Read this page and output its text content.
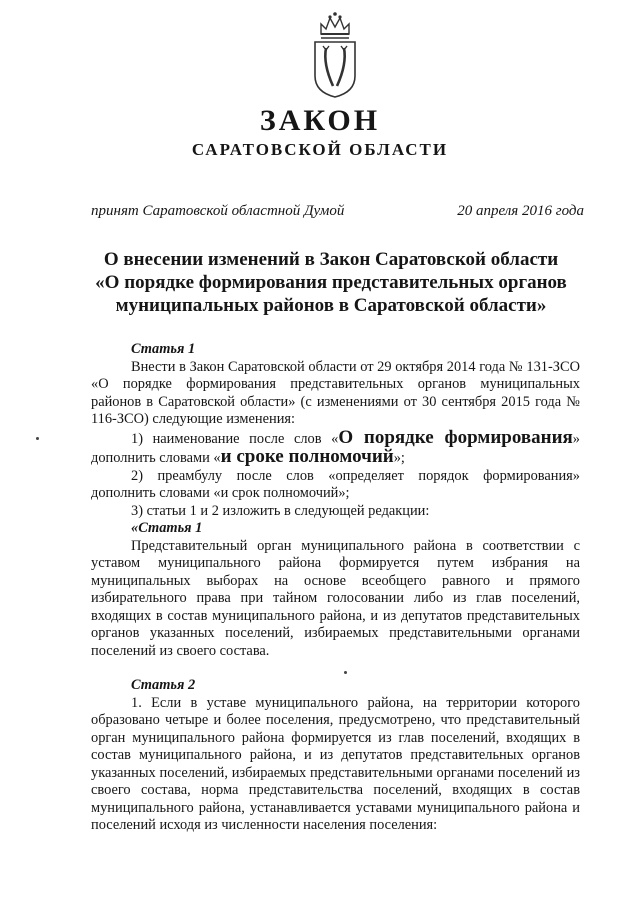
ЗАКОН
САРАТОВСКОЙ ОБЛАСТИ
принят Саратовской областной Думой	20 апреля 2016 года
О внесении изменений в Закон Саратовской области
«О порядке формирования представительных органов
муниципальных районов в Саратовской области»
Статья 1
Внести в Закон Саратовской области от 29 октября 2014 года № 131-ЗСО «О порядке формирования представительных органов муниципальных районов в Саратовской области» (с изменениями от 30 сентября 2015 года № 116-ЗСО) следующие изменения:
1) наименование после слов «О порядке формирования» дополнить словами «и сроке полномочий»;
2) преамбулу после слов «определяет порядок формирования» дополнить словами «и срок полномочий»;
3) статьи 1 и 2 изложить в следующей редакции:
«Статья 1
Представительный орган муниципального района в соответствии с уставом муниципального района формируется путем избрания на муниципальных выборах на основе всеобщего равного и прямого избирательного права при тайном голосовании либо из глав поселений, входящих в состав муниципального района, и из депутатов представительных органов указанных поселений, избираемых представительными органами поселений из своего состава.
Статья 2
1. Если в уставе муниципального района, на территории которого образовано четыре и более поселения, предусмотрено, что представительный орган муниципального района формируется из глав поселений, входящих в состав муниципального района, и из депутатов представительных органов указанных поселений, избираемых представительными органами поселений из своего состава, норма представительства поселений, входящих в состав муниципального района, устанавливается уставами муниципального района и поселений исходя из численности населения поселения:
